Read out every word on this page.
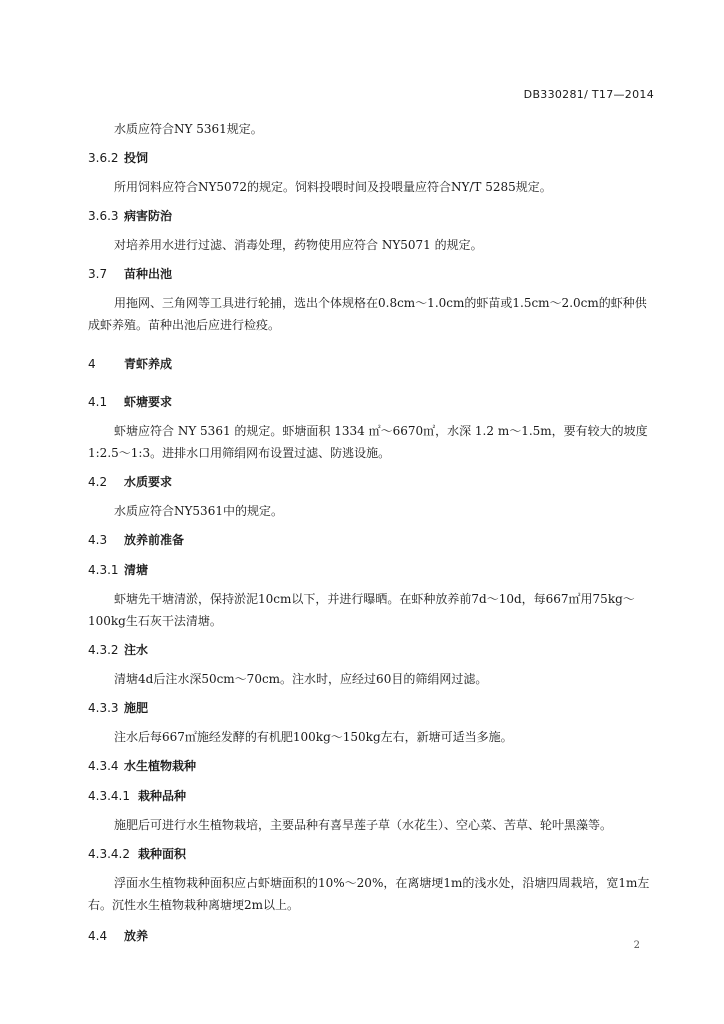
DB330281/ T17—2014

水质应符合NY 5361规定。

3.6.2 投饲

所用饲料应符合NY5072的规定。饲料投喂时间及投喂量应符合NY/T 5285规定。

3.6.3 病害防治

对培养用水进行过滤、消毒处理，药物使用应符合 NY5071 的规定。

3.7 苗种出池

用拖网、三角网等工具进行轮捕，选出个体规格在0.8cm～1.0cm的虾苗或1.5cm～2.0cm的虾种供成虾养殖。苗种出池后应进行检疫。

4 青虾养成

4.1 虾塘要求

虾塘应符合 NY 5361 的规定。虾塘面积 1334 ㎡～6670㎡，水深 1.2 m～1.5m，要有较大的坡度 1:2.5～1:3。进排水口用筛绢网布设置过滤、防逃设施。

4.2 水质要求

水质应符合NY5361中的规定。

4.3 放养前准备

4.3.1 清塘

虾塘先干塘清淤，保持淤泥10cm以下，并进行曝晒。在虾种放养前7d～10d，每667㎡用75kg～100kg生石灰干法清塘。

4.3.2 注水

清塘4d后注水深50cm～70cm。注水时，应经过60目的筛绢网过滤。

4.3.3 施肥

注水后每667㎡施经发酵的有机肥100kg～150kg左右，新塘可适当多施。

4.3.4 水生植物栽种

4.3.4.1 栽种品种

施肥后可进行水生植物栽培，主要品种有喜旱莲子草（水花生）、空心菜、苦草、轮叶黑藻等。

4.3.4.2 栽种面积

浮面水生植物栽种面积应占虾塘面积的10%～20%，在离塘埂1m的浅水处，沿塘四周栽培，宽1m左右。沉性水生植物栽种离塘埂2m以上。

4.4 放养

2
